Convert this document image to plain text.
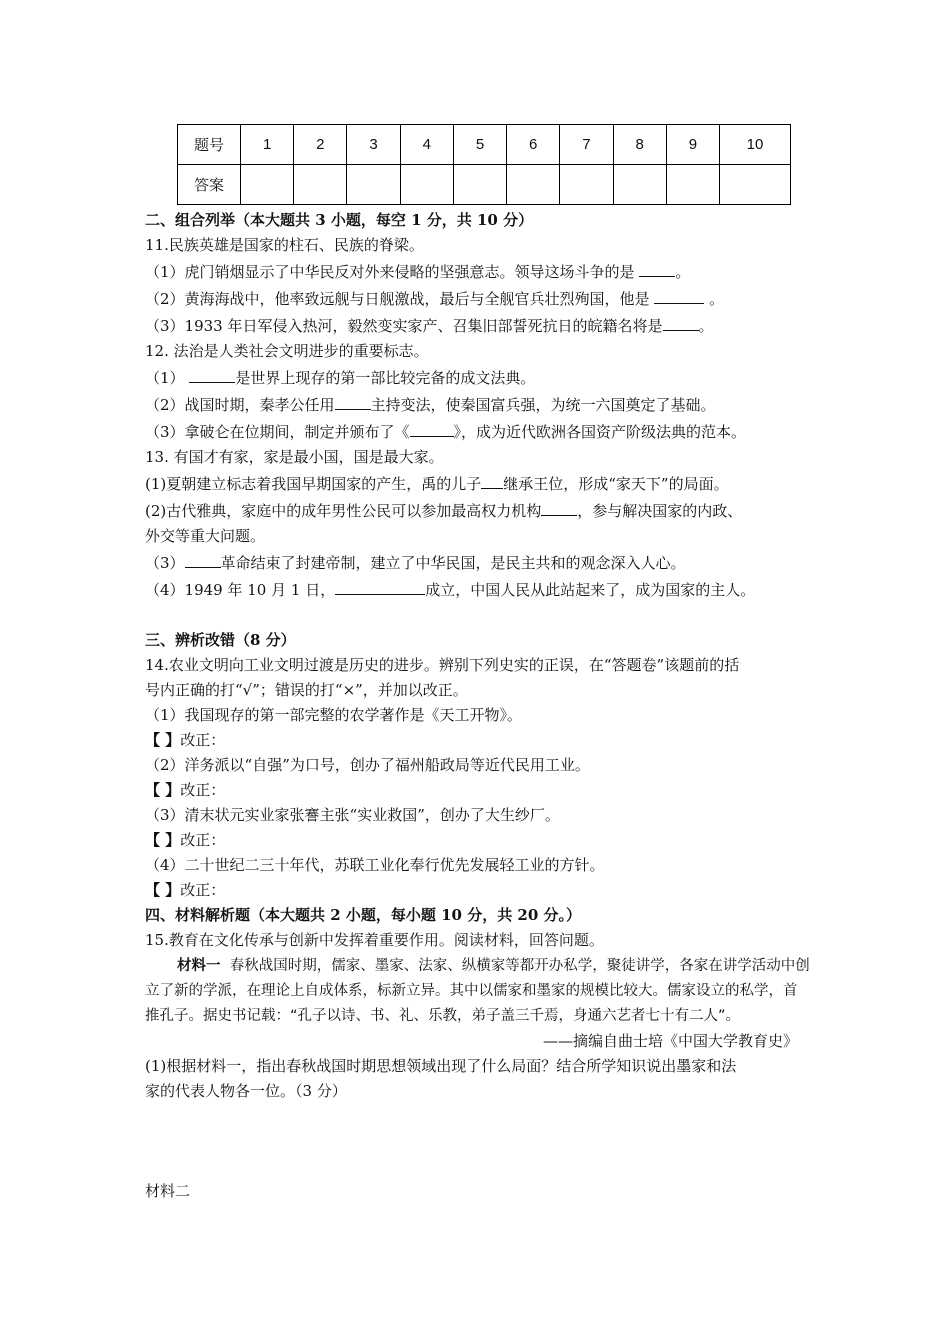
题号	1	2	3	4	5	6	7	8	9	10
答案										

二、组合列举（本大题共 3 小题，每空 1 分，共 10 分）

11.民族英雄是国家的柱石、民族的脊梁。

（1）虎门销烟显示了中华民反对外来侵略的坚强意志。领导这场斗争的是	。

（2）黄海海战中，他率致远舰与日舰激战，最后与全舰官兵壮烈殉国，他是	。

（3）1933 年日军侵入热河，毅然变实家产、召集旧部誓死抗日的皖籍名将是 。

12. 法治是人类社会文明进步的重要标志。

（1）	是世界上现存的第一部比较完备的成文法典。

（2）战国时期，秦孝公任用 主持变法，使秦国富兵强，为统一六国奠定了基础。

（3）拿破仑在位期间，制定并颁布了《	》，成为近代欧洲各国资产阶级法典的范本。

13. 有国才有家，家是最小国，国是最大家。

(1)夏朝建立标志着我国早期国家的产生，禹的儿子 继承王位，形成“家天下”的局面。

(2)古代雅典，家庭中的成年男性公民可以参加最高权力机构 ，参与解决国家的内政、

外交等重大问题。

（3） 革命结束了封建帝制，建立了中华民国，是民主共和的观念深入人心。

（4）1949 年 10 月 1 日，	成立，中国人民从此站起来了，成为国家的主人。

三、辨析改错（8 分）

14.农业文明向工业文明过渡是历史的进步。辨别下列史实的正误，在“答题卷”该题前的括

号内正确的打“√”；错误的打“×”，并加以改正。

（1）我国现存的第一部完整的农学著作是《天工开物》。

【 】改正：

（2）洋务派以“自强”为口号，创办了福州船政局等近代民用工业。

【 】改正：

（3）清末状元实业家张謇主张“实业救国”，创办了大生纱厂。

【 】改正：

（4）二十世纪二三十年代，苏联工业化奉行优先发展轻工业的方针。

【 】改正：

四、材料解析题（本大题共 2 小题，每小题 10 分，共 20 分。）

15.教育在文化传承与创新中发挥着重要作用。阅读材料，回答问题。

材料一 春秋战国时期，儒家、墨家、法家、纵横家等都开办私学，聚徒讲学，各家在讲学活动中创立了新的学派，在理论上自成体系，标新立异。其中以儒家和墨家的规模比较大。儒家设立的私学，首推孔子。据史书记载：“孔子以诗、书、礼、乐教，弟子盖三千焉，身通六艺者七十有二人”。

——摘编自曲士培《中国大学教育史》

(1)根据材料一，指出春秋战国时期思想领域出现了什么局面？结合所学知识说出墨家和法

家的代表人物各一位。（3 分）

材料二
